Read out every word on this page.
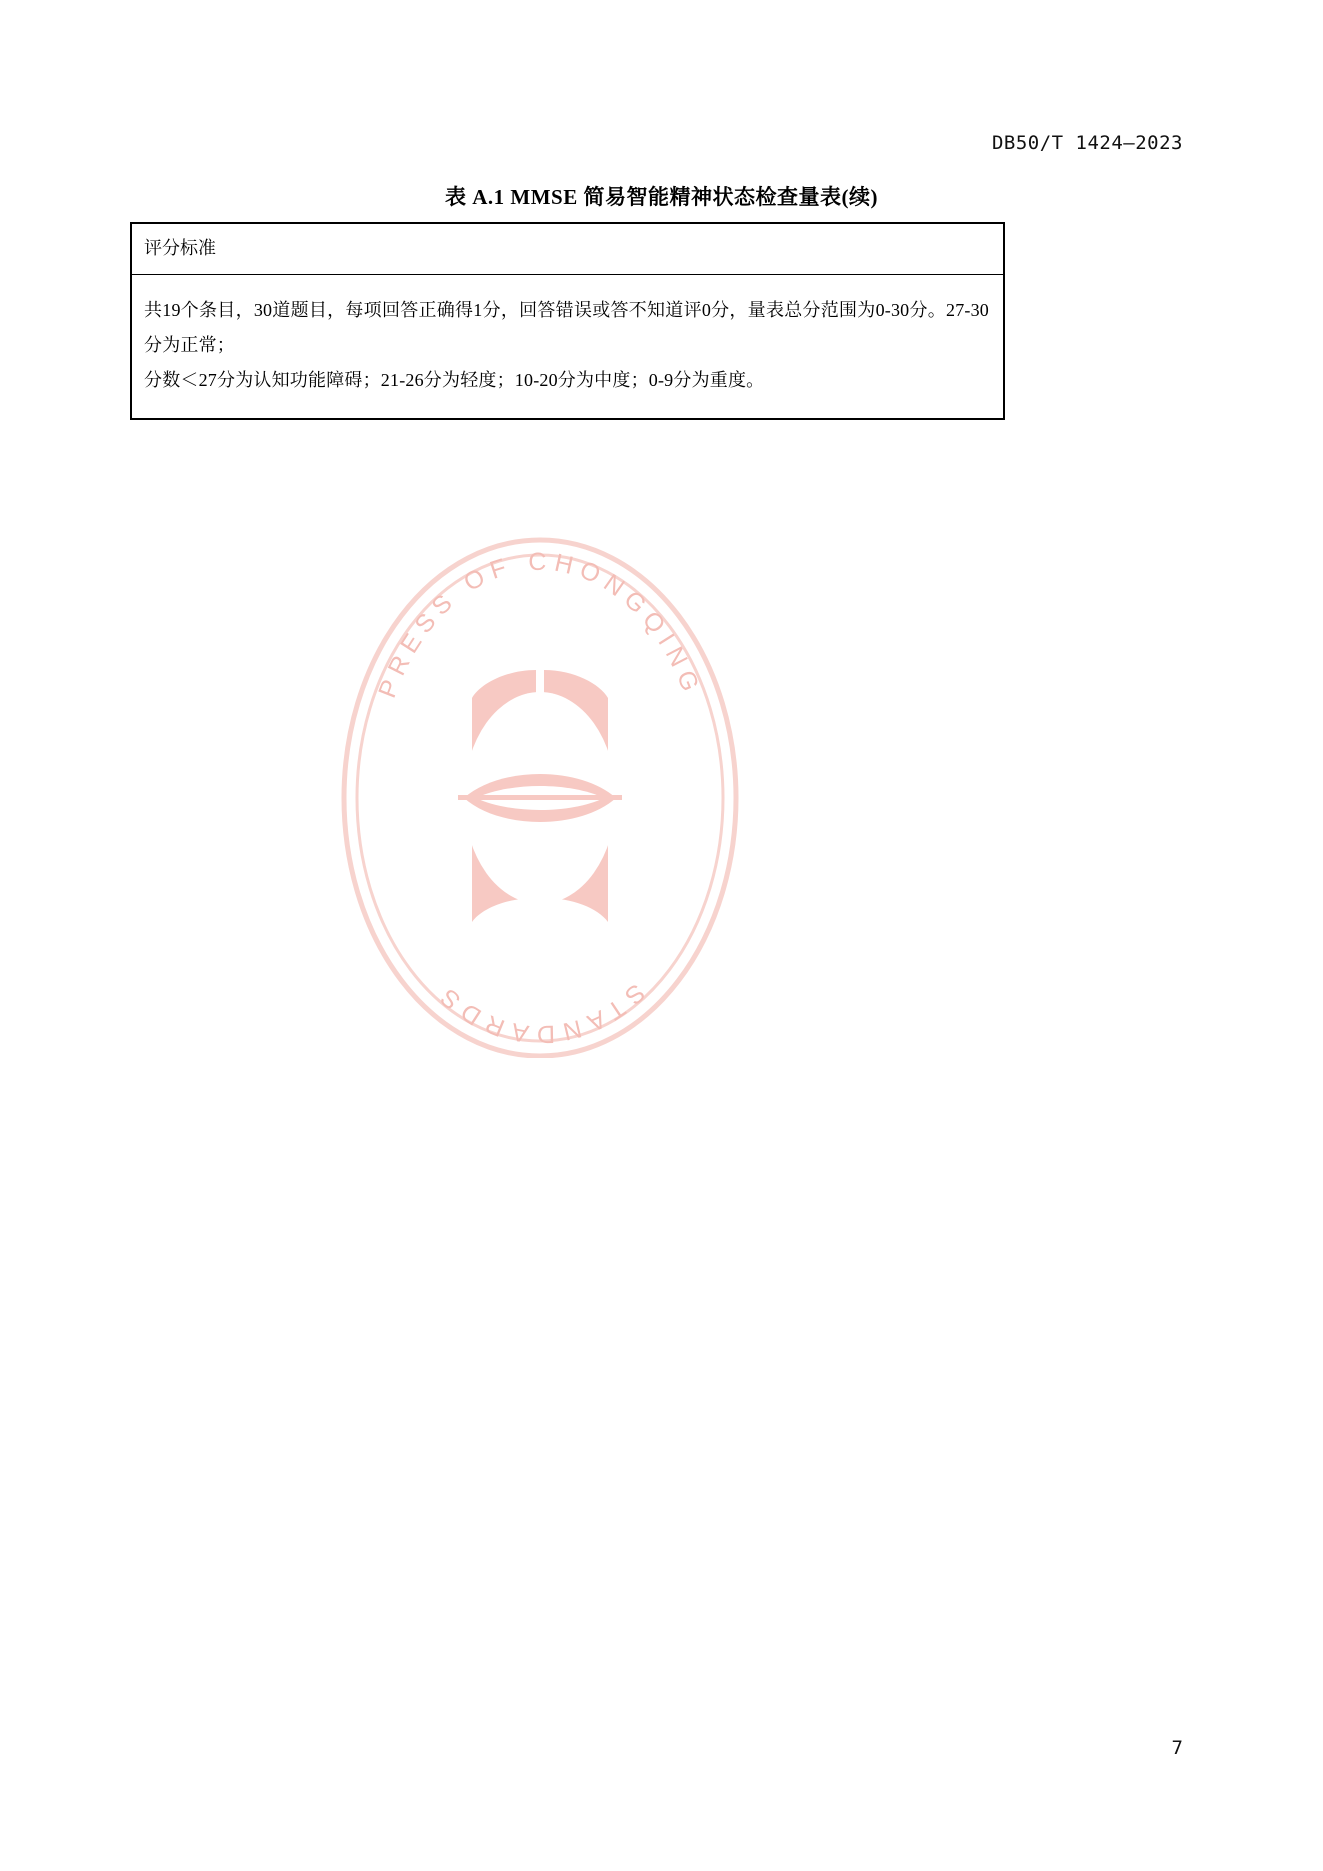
DB50/T 1424—2023
表 A.1 MMSE 简易智能精神状态检查量表(续)
评分标准

共19个条目，30道题目，每项回答正确得1分，回答错误或答不知道评0分，量表总分范围为0-30分。27-30分为正常；

分数＜27分为认知功能障碍；21-26分为轻度；10-20分为中度；0-9分为重度。

PRESS OF CHONGQING
STANDARDS
7
